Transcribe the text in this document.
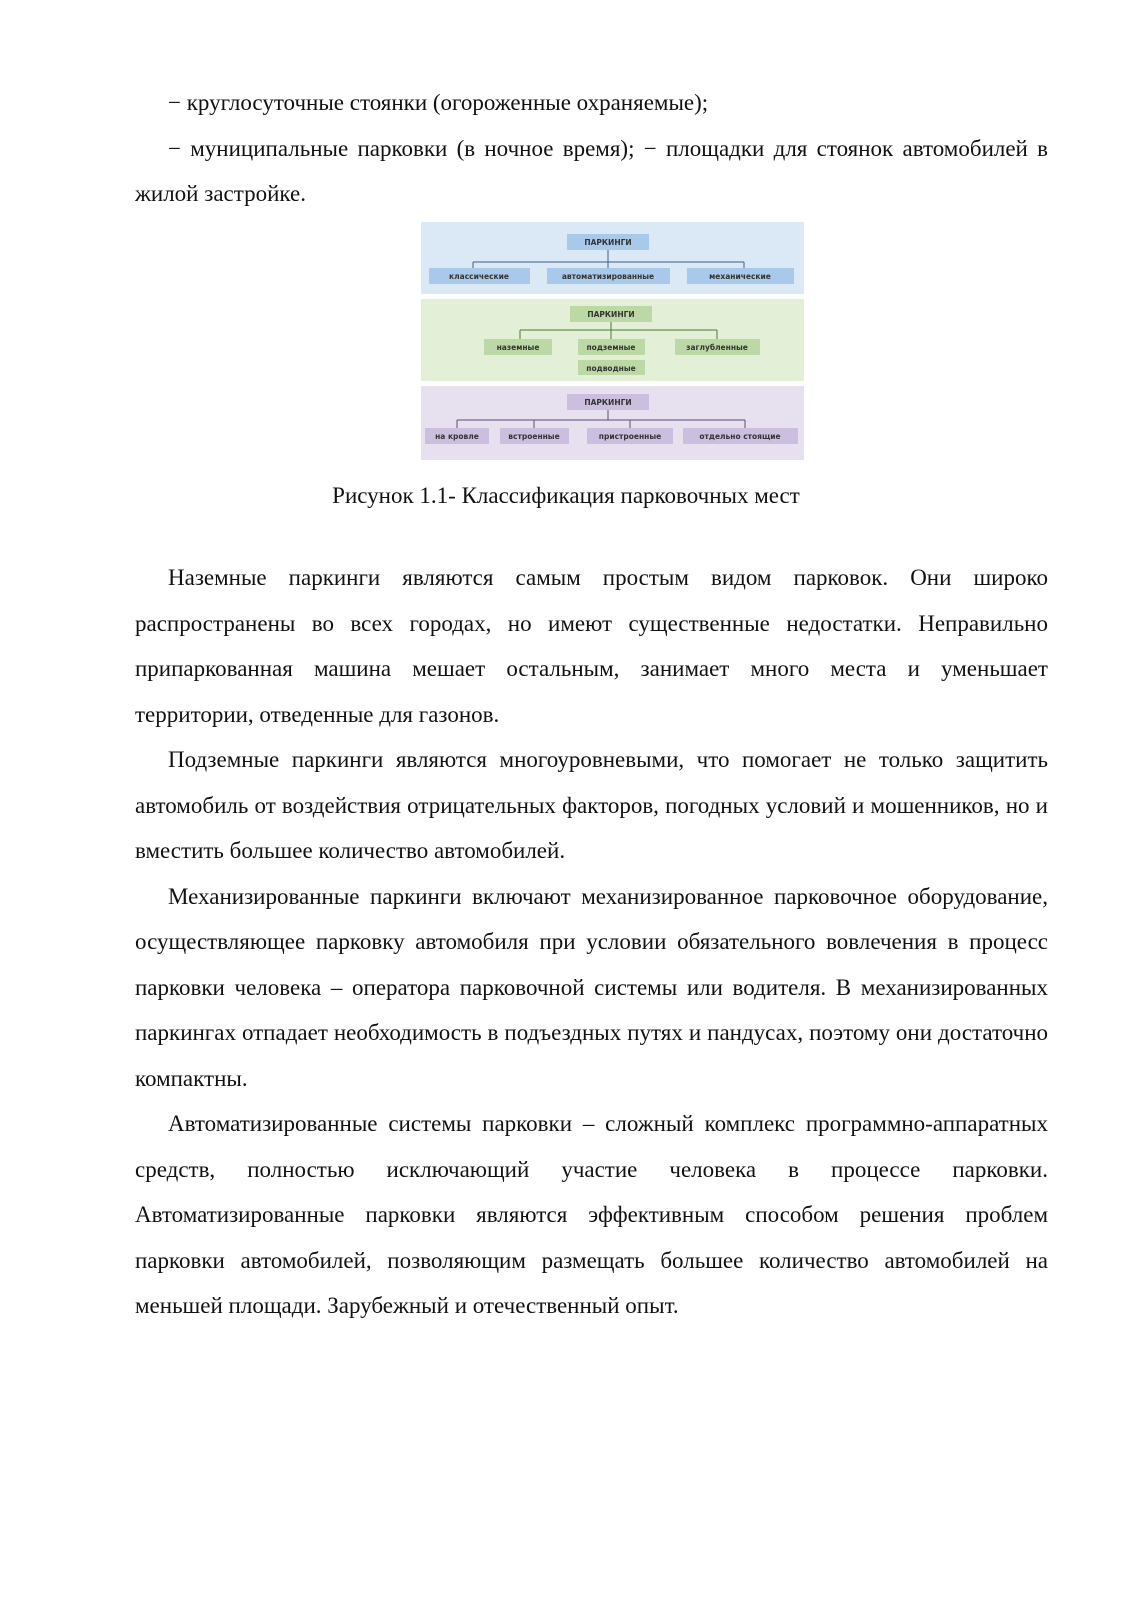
− круглосуточные стоянки (огороженные охраняемые);

− муниципальные парковки (в ночное время); − площадки для стоянок автомобилей в жилой застройке.

ПАРКИНГИ
классические	автоматизированные	механические
ПАРКИНГИ
наземные	подземные	заглубленные
подводные
ПАРКИНГИ
на кровле	встроенные	пристроенные	отдельно стоящие
Рисунок 1.1- Классификация парковочных мест

Наземные паркинги являются самым простым видом парковок. Они широко распространены во всех городах, но имеют существенные недостатки. Неправильно припаркованная машина мешает остальным, занимает много места и уменьшает территории, отведенные для газонов.

Подземные паркинги являются многоуровневыми, что помогает не только защитить автомобиль от воздействия отрицательных факторов, погодных условий и мошенников, но и вместить большее количество автомобилей.

Механизированные паркинги включают механизированное парковочное оборудование, осуществляющее парковку автомобиля при условии обязательного вовлечения в процесс парковки человека – оператора парковочной системы или водителя. В механизированных паркингах отпадает необходимость в подъездных путях и пандусах, поэтому они достаточно компактны.

Автоматизированные системы парковки – сложный комплекс программно-аппаратных средств, полностью исключающий участие человека в процессе парковки. Автоматизированные парковки являются эффективным способом решения проблем парковки автомобилей, позволяющим размещать большее количество автомобилей на меньшей площади. Зарубежный и отечественный опыт.
